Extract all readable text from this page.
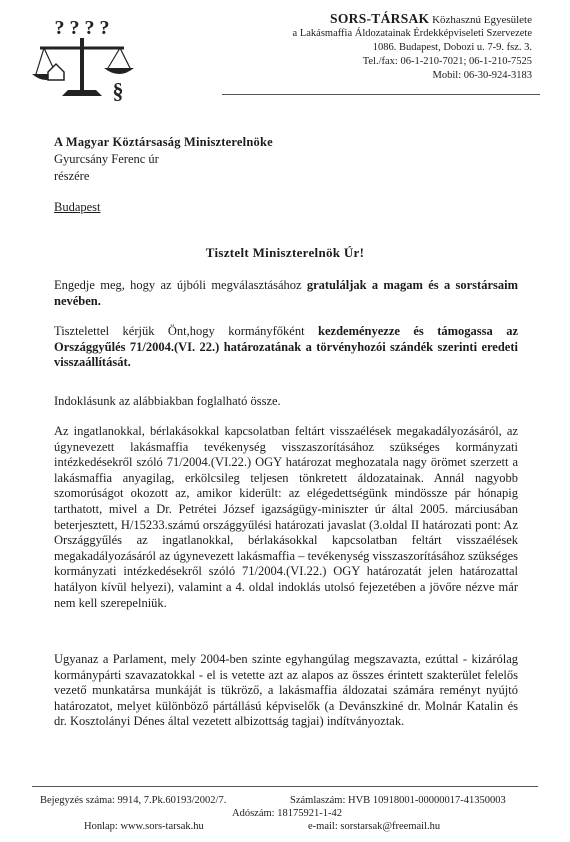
? ? ? ?
§
SORS-TÁRSAK Közhasznú Egyesülete
a Lakásmaffia Áldozatainak Érdekképviseleti Szervezete
1086. Budapest, Dobozi u. 7-9. fsz. 3.
Tel./fax: 06-1-210-7021; 06-1-210-7525
Mobil: 06-30-924-3183
A Magyar Köztársaság Miniszterelnöke
Gyurcsány Ferenc úr
részére
Budapest
Tisztelt Miniszterelnök Úr!
Engedje meg, hogy az újbóli megválasztásához gratuláljak a magam és a sorstársaim nevében.
Tisztelettel kérjük Önt,hogy kormányfőként kezdeményezze és támogassa az Országgyűlés 71/2004.(VI. 22.) határozatának a törvényhozói szándék szerinti eredeti visszaállítását.
Indoklásunk az alábbiakban foglalható össze.
Az ingatlanokkal, bérlakásokkal kapcsolatban feltárt visszaélések megakadályozásáról, az úgynevezett lakásmaffia tevékenység visszaszorításához szükséges kormányzati intézkedésekről szóló 71/2004.(VI.22.) OGY határozat meghozatala nagy örömet szerzett a lakásmaffia anyagilag, erkölcsileg teljesen tönkretett áldozatainak. Annál nagyobb szomorúságot okozott az, amikor kiderült: az elégedettségünk mindössze pár hónapig tarthatott, mivel a Dr. Petrétei József igazságügy-miniszter úr által 2005. márciusában beterjesztett, H/15233.számú országgyűlési határozati javaslat (3.oldal II határozati pont: Az Országgyűlés az ingatlanokkal, bérlakásokkal kapcsolatban feltárt visszaélések megakadályozásáról az úgynevezett lakásmaffia – tevékenység visszaszorításához szükséges kormányzati intézkedésekről szóló 71/2004.(VI.22.) OGY határozatát jelen határozattal hatályon kívül helyezi), valamint a 4. oldal indoklás utolsó fejezetében a jövőre nézve már nem kell szerepelniük.
Ugyanaz a Parlament, mely 2004-ben szinte egyhangúlag megszavazta, ezúttal - kizárólag kormánypárti szavazatokkal - el is vetette azt az alapos az összes érintett szakterület felelős vezető munkatársa munkáját is tükröző, a lakásmaffia áldozatai számára reményt nyújtó határozatot, melyet különböző pártállású képviselők (a Devánszkiné dr. Molnár Katalin és dr. Kosztolányi Dénes által vezetett albizottság tagjai) indítványoztak.
Bejegyzés száma: 9914, 7.Pk.60193/2002/7.	Számlaszám: HVB 10918001-00000017-41350003
Adószám: 18175921-1-42
Honlap: www.sors-tarsak.hu	e-mail: sorstarsak@freemail.hu
